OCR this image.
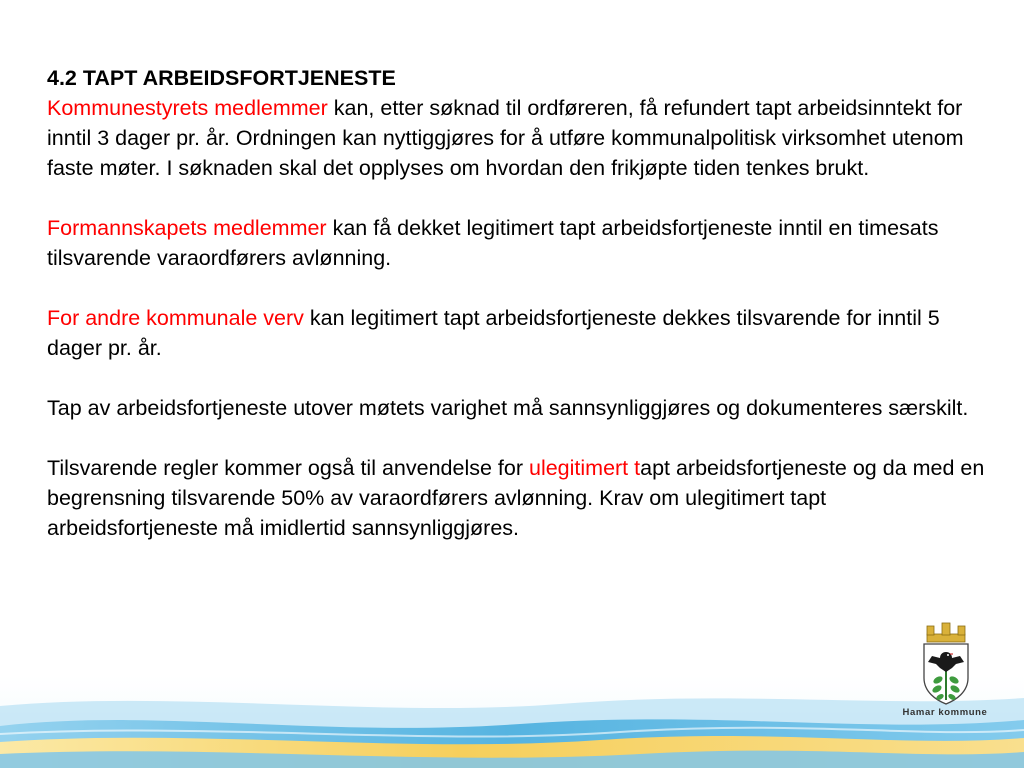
4.2 TAPT ARBEIDSFORTJENESTE

Kommunestyrets medlemmer kan, etter søknad til ordføreren, få refundert tapt arbeidsinntekt for inntil 3 dager pr. år. Ordningen kan nyttiggjøres for å utføre kommunalpolitisk virksomhet utenom faste møter. I søknaden skal det opplyses om hvordan den frikjøpte tiden tenkes brukt.

Formannskapets medlemmer kan få dekket legitimert tapt arbeidsfortjeneste inntil en timesats tilsvarende varaordførers avlønning.

For andre kommunale verv kan legitimert tapt arbeidsfortjeneste dekkes tilsvarende for inntil 5 dager pr. år.

Tap av arbeidsfortjeneste utover møtets varighet må sannsynliggjøres og dokumenteres særskilt.

Tilsvarende regler kommer også til anvendelse for ulegitimert tapt arbeidsfortjeneste og da med en begrensning tilsvarende 50% av varaordførers avlønning. Krav om ulegitimert tapt arbeidsfortjeneste må imidlertid sannsynliggjøres.

Hamar kommune
